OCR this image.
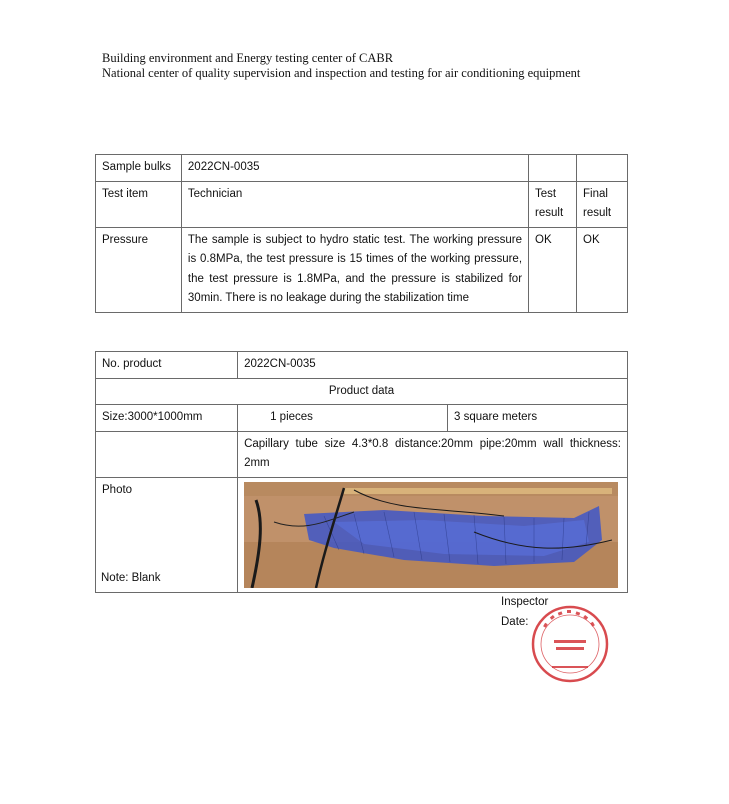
Building environment and Energy testing center of CABR
National center of quality supervision and inspection and testing for air conditioning equipment
Sample bulks	2022CN-0035		
Test item	Technician	Test result	Final result
Pressure	The sample is subject to hydro static test. The working pressure is 0.8MPa, the test pressure is 15 times of the working pressure, the test pressure is 1.8MPa, and the pressure is stabilized for 30min. There is no leakage during the stabilization time	OK	OK
No. product	2022CN-0035	
Product data		
Size:3000*1000mm	1 pieces	3 square meters
	Capillary tube size 4.3*0.8 distance:20mm pipe:20mm wall thickness: 2mm	
Photo	
Note: Blank
Inspector
Date:
